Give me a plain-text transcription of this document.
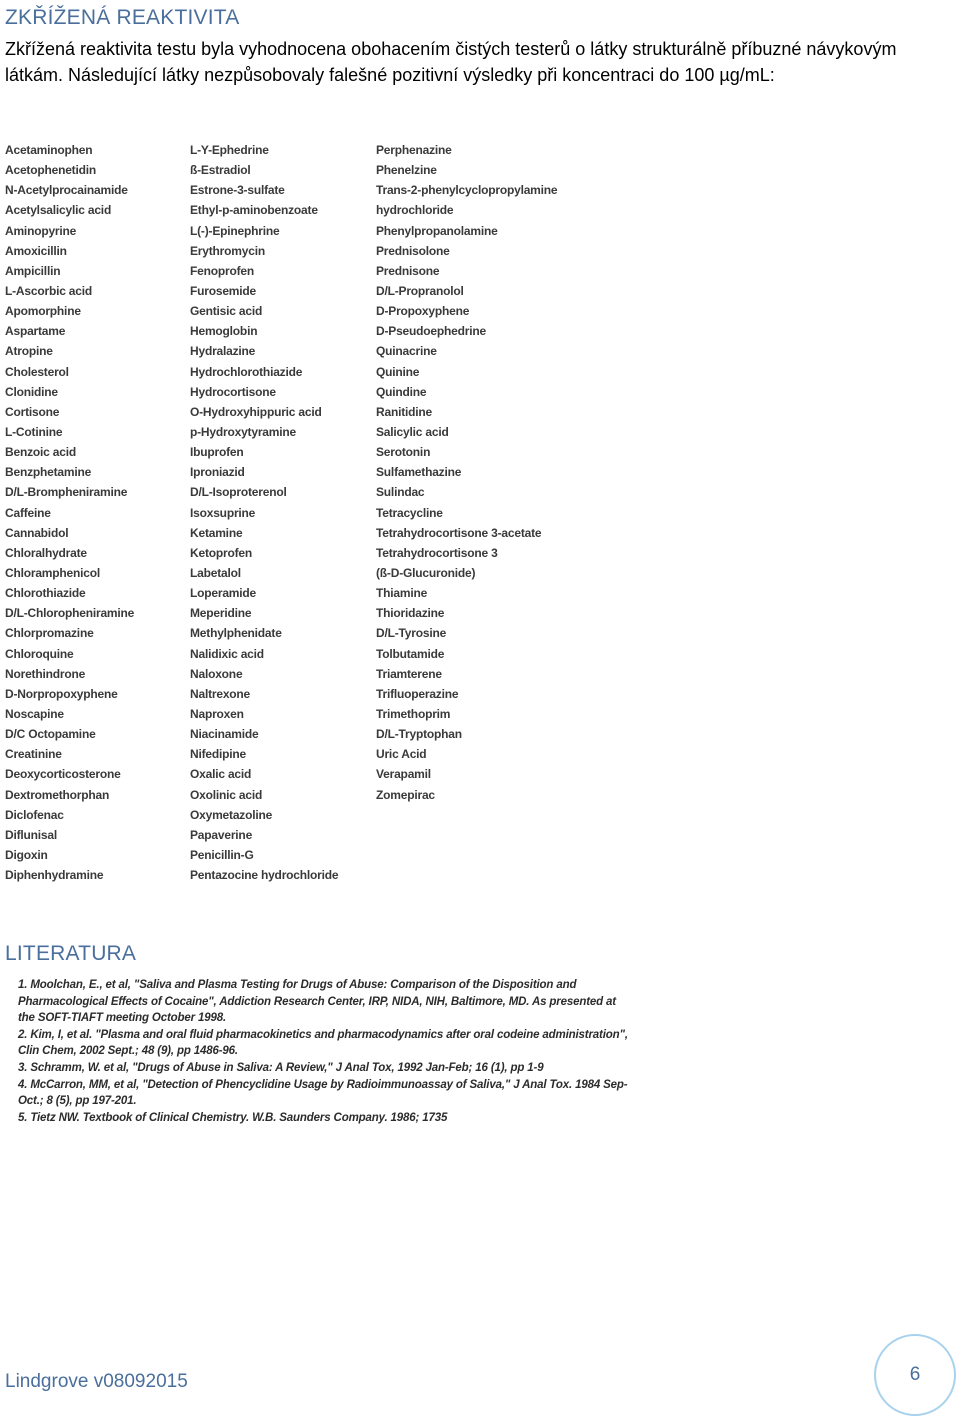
ZKŘÍŽENÁ REAKTIVITA
Zkřížená reaktivita testu byla vyhodnocena obohacením čistých testerů o látky strukturálně příbuzné návykovým látkám. Následující látky nezpůsobovaly falešné pozitivní výsledky při koncentraci do 100 µg/mL:
Acetaminophen
Acetophenetidin
N-Acetylprocainamide
Acetylsalicylic acid
Aminopyrine
Amoxicillin
Ampicillin
L-Ascorbic acid
Apomorphine
Aspartame
Atropine
Cholesterol
Clonidine
Cortisone
L-Cotinine
Benzoic acid
Benzphetamine
D/L-Brompheniramine
Caffeine
Cannabidol
Chloralhydrate
Chloramphenicol
Chlorothiazide
D/L-Chloropheniramine
Chlorpromazine
Chloroquine
Norethindrone
D-Norpropoxyphene
Noscapine
D/C Octopamine
Creatinine
Deoxycorticosterone
Dextromethorphan
Diclofenac
Diflunisal
Digoxin
Diphenhydramine
L-Y-Ephedrine
ß-Estradiol
Estrone-3-sulfate
Ethyl-p-aminobenzoate
L(-)-Epinephrine
Erythromycin
Fenoprofen
Furosemide
Gentisic acid
Hemoglobin
Hydralazine
Hydrochlorothiazide
Hydrocortisone
O-Hydroxyhippuric acid
p-Hydroxytyramine
Ibuprofen
Iproniazid
D/L-Isoproterenol
Isoxsuprine
Ketamine
Ketoprofen
Labetalol
Loperamide
Meperidine
Methylphenidate
Nalidixic acid
Naloxone
Naltrexone
Naproxen
Niacinamide
Nifedipine
Oxalic acid
Oxolinic acid
Oxymetazoline
Papaverine
Penicillin-G
Pentazocine hydrochloride
Perphenazine
Phenelzine
Trans-2-phenylcyclopropylamine
hydrochloride
Phenylpropanolamine
Prednisolone
Prednisone
D/L-Propranolol
D-Propoxyphene
D-Pseudoephedrine
Quinacrine
Quinine
Quindine
Ranitidine
Salicylic acid
Serotonin
Sulfamethazine
Sulindac
Tetracycline
Tetrahydrocortisone 3-acetate
Tetrahydrocortisone 3
(ß-D-Glucuronide)
Thiamine
Thioridazine
D/L-Tyrosine
Tolbutamide
Triamterene
Trifluoperazine
Trimethoprim
D/L-Tryptophan
Uric Acid
Verapamil
Zomepirac
LITERATURA
1. Moolchan, E., et al, "Saliva and Plasma Testing for Drugs of Abuse: Comparison of the Disposition and Pharmacological Effects of Cocaine", Addiction Research Center, IRP, NIDA, NIH, Baltimore, MD. As presented at the SOFT-TIAFT meeting October 1998.
2. Kim, I, et al. "Plasma and oral fluid pharmacokinetics and pharmacodynamics after oral codeine administration", Clin Chem, 2002 Sept.; 48 (9), pp 1486-96.
3. Schramm, W. et al, "Drugs of Abuse in Saliva: A Review," J Anal Tox, 1992 Jan-Feb; 16 (1), pp 1-9
4. McCarron, MM, et al, "Detection of Phencyclidine Usage by Radioimmunoassay of Saliva," J Anal Tox. 1984 Sep-Oct.; 8 (5), pp 197-201.
5. Tietz NW. Textbook of Clinical Chemistry. W.B. Saunders Company. 1986; 1735
Lindgrove v08092015	6
